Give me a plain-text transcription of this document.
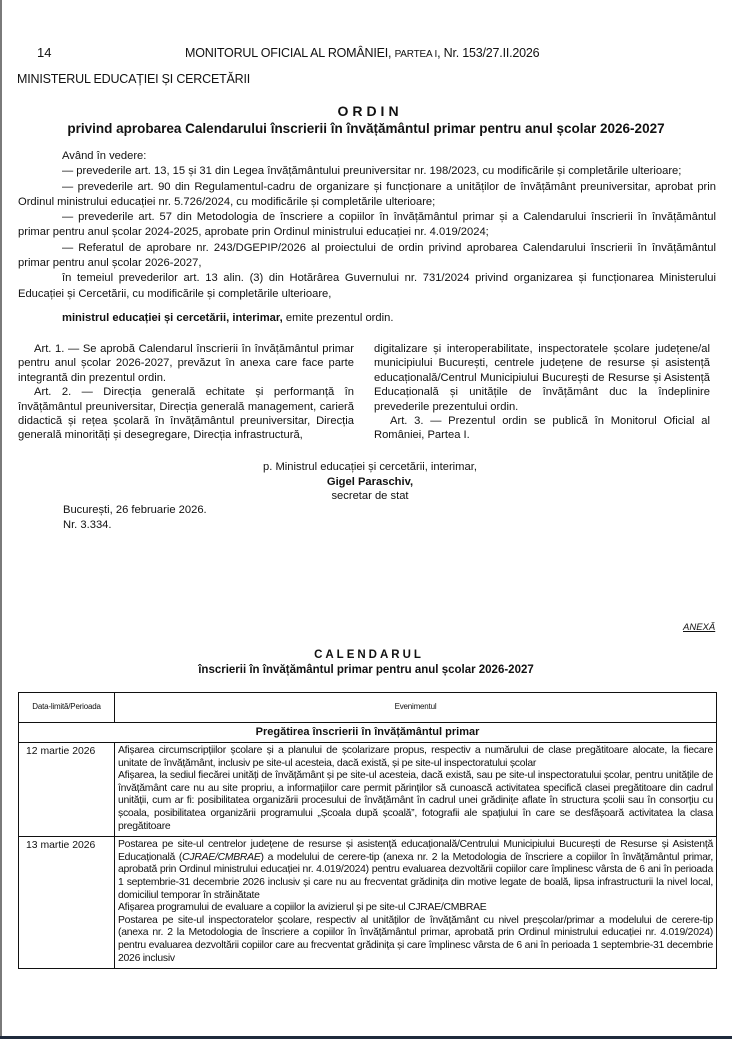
14	MONITORUL OFICIAL AL ROMÂNIEI, PARTEA I, Nr. 153/27.II.2026
MINISTERUL EDUCAȚIEI ȘI CERCETĂRII
ORDIN
privind aprobarea Calendarului înscrierii în învățământul primar pentru anul școlar 2026-2027

Având în vedere:

— prevederile art. 13, 15 și 31 din Legea învățământului preuniversitar nr. 198/2023, cu modificările și completările ulterioare;

— prevederile art. 90 din Regulamentul-cadru de organizare și funcționare a unităților de învățământ preuniversitar, aprobat prin Ordinul ministrului educației nr. 5.726/2024, cu modificările și completările ulterioare;

— prevederile art. 57 din Metodologia de înscriere a copiilor în învățământul primar și a Calendarului înscrierii în învățământul primar pentru anul școlar 2024-2025, aprobate prin Ordinul ministrului educației nr. 4.019/2024;

— Referatul de aprobare nr. 243/DGEPIP/2026 al proiectului de ordin privind aprobarea Calendarului înscrierii în învățământul primar pentru anul școlar 2026-2027,

în temeiul prevederilor art. 13 alin. (3) din Hotărârea Guvernului nr. 731/2024 privind organizarea și funcționarea Ministerului Educației și Cercetării, cu modificările și completările ulterioare,

ministrul educației și cercetării, interimar, emite prezentul ordin.

Art. 1. — Se aprobă Calendarul înscrierii în învățământul primar pentru anul școlar 2026-2027, prevăzut în anexa care face parte integrantă din prezentul ordin.

Art. 2. — Direcția generală echitate și performanță în învățământul preuniversitar, Direcția generală management, carieră didactică și rețea școlară în învățământul preuniversitar, Direcția generală minorități și desegregare, Direcția infrastructură,

digitalizare și interoperabilitate, inspectoratele școlare județene/al municipiului București, centrele județene de resurse și asistență educațională/Centrul Municipiului București de Resurse și Asistență Educațională și unitățile de învățământ duc la îndeplinire prevederile prezentului ordin.

Art. 3. — Prezentul ordin se publică în Monitorul Oficial al României, Partea I.

p. Ministrul educației și cercetării, interimar,
Gigel Paraschiv,
secretar de stat
București, 26 februarie 2026.
Nr. 3.334.
ANEXĂ
CALENDARUL
înscrierii în învățământul primar pentru anul școlar 2026-2027
Data-limită/Perioada	Evenimentul
Pregătirea înscrierii în învățământul primar	
12 martie 2026	Afișarea circumscripțiilor școlare și a planului de școlarizare propus, respectiv a numărului de clase pregătitoare alocate, la fiecare unitate de învățământ, inclusiv pe site-ul acesteia, dacă există, și pe site-ul inspectoratului școlar

Afișarea, la sediul fiecărei unități de învățământ și pe site-ul acesteia, dacă există, sau pe site-ul inspectoratului școlar, pentru unitățile de învățământ care nu au site propriu, a informațiilor care permit părinților să cunoască activitatea specifică clasei pregătitoare din cadrul unității, cum ar fi: posibilitatea organizării procesului de învățământ în cadrul unei grădinițe aflate în structura școlii sau în consorțiu cu școala, posibilitatea organizării programului „Școala după școală”, fotografii ale spațiului în care se desfășoară activitatea la clasa pregătitoare

13 martie 2026	Postarea pe site-ul centrelor județene de resurse și asistență educațională/Centrului Municipiului București de Resurse și Asistență Educațională (CJRAE/CMBRAE) a modelului de cerere-tip (anexa nr. 2 la Metodologia de înscriere a copiilor în învățământul primar, aprobată prin Ordinul ministrului educației nr. 4.019/2024) pentru evaluarea dezvoltării copiilor care împlinesc vârsta de 6 ani în perioada 1 septembrie-31 decembrie 2026 inclusiv și care nu au frecventat grădinița din motive legate de boală, lipsa infrastructurii la nivel local, domiciliul temporar în străinătate

Afișarea programului de evaluare a copiilor la avizierul și pe site-ul CJRAE/CMBRAE

Postarea pe site-ul inspectoratelor școlare, respectiv al unităților de învățământ cu nivel preșcolar/primar a modelului de cerere-tip (anexa nr. 2 la Metodologia de înscriere a copiilor în învățământul primar, aprobată prin Ordinul ministrului educației nr. 4.019/2024) pentru evaluarea dezvoltării copiilor care au frecventat grădinița și care împlinesc vârsta de 6 ani în perioada 1 septembrie-31 decembrie 2026 inclusiv
